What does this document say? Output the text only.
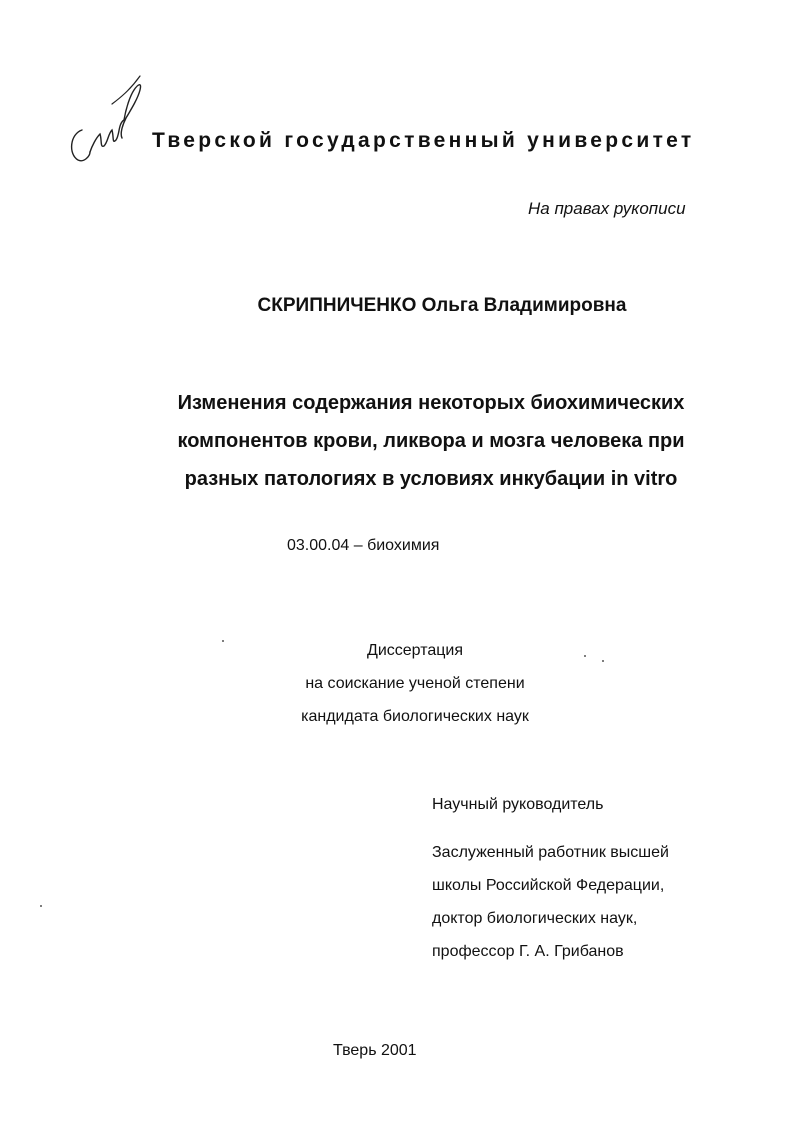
Тверской государственный университет
На правах рукописи
СКРИПНИЧЕНКО Ольга Владимировна
Изменения содержания некоторых биохимических
компонентов крови, ликвора и мозга человека при
разных патологиях в условиях инкубации in vitro
03.00.04 – биохимия
Диссертация
на соискание ученой степени
кандидата биологических наук
Научный руководитель
Заслуженный работник высшей
школы Российской Федерации,
доктор биологических наук,
профессор Г. А. Грибанов
Тверь 2001
